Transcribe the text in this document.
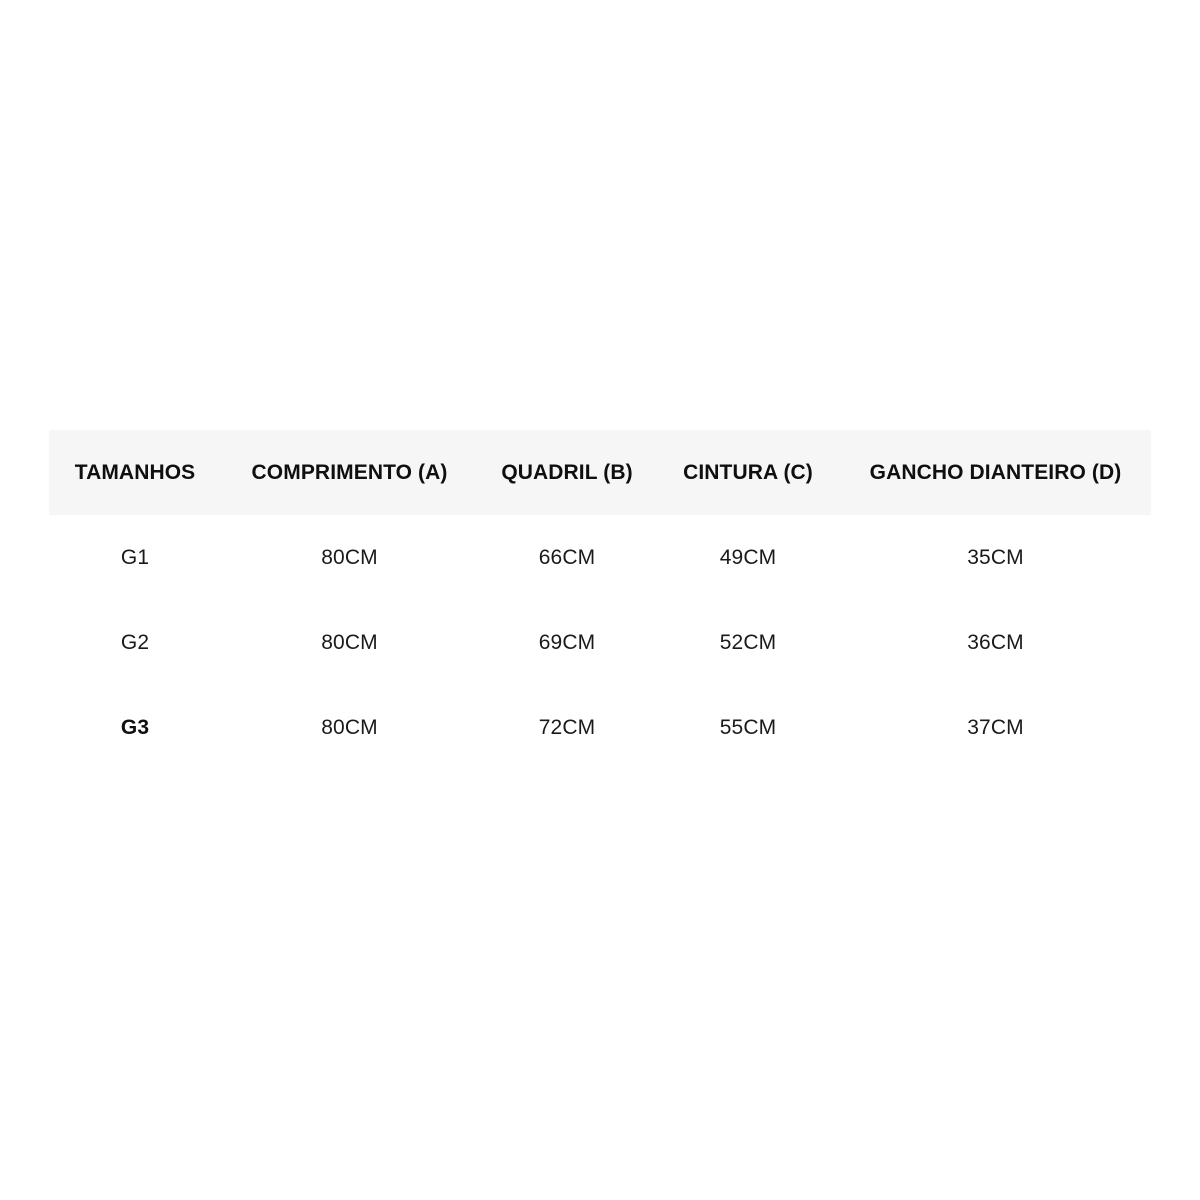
TAMANHOS	COMPRIMENTO (A)	QUADRIL (B)	CINTURA (C)	GANCHO DIANTEIRO (D)
G1	80CM	66CM	49CM	35CM
G2	80CM	69CM	52CM	36CM
G3	80CM	72CM	55CM	37CM
